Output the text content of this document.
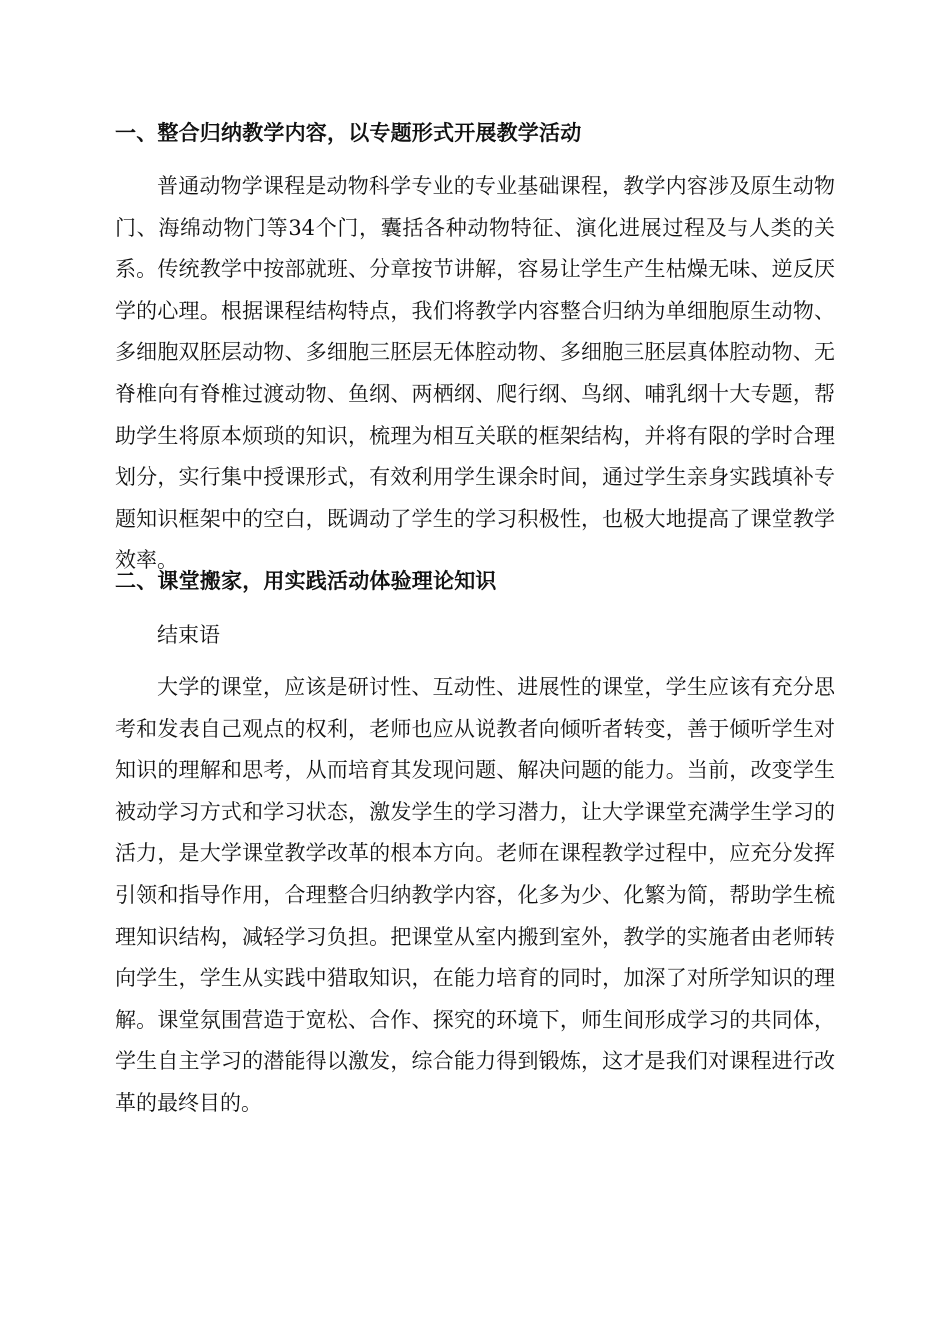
一、整合归纳教学内容，以专题形式开展教学活动

普通动物学课程是动物科学专业的专业基础课程，教学内容涉及原生动物门、海绵动物门等34个门，囊括各种动物特征、演化进展过程及与人类的关系。传统教学中按部就班、分章按节讲解，容易让学生产生枯燥无味、逆反厌学的心理。根据课程结构特点，我们将教学内容整合归纳为单细胞原生动物、多细胞双胚层动物、多细胞三胚层无体腔动物、多细胞三胚层真体腔动物、无脊椎向有脊椎过渡动物、鱼纲、两栖纲、爬行纲、鸟纲、哺乳纲十大专题，帮助学生将原本烦琐的知识，梳理为相互关联的框架结构，并将有限的学时合理划分，实行集中授课形式，有效利用学生课余时间，通过学生亲身实践填补专题知识框架中的空白，既调动了学生的学习积极性，也极大地提高了课堂教学效率。

二、课堂搬家，用实践活动体验理论知识

结束语

大学的课堂，应该是研讨性、互动性、进展性的课堂，学生应该有充分思考和发表自己观点的权利，老师也应从说教者向倾听者转变，善于倾听学生对知识的理解和思考，从而培育其发现问题、解决问题的能力。当前，改变学生被动学习方式和学习状态，激发学生的学习潜力，让大学课堂充满学生学习的活力，是大学课堂教学改革的根本方向。老师在课程教学过程中，应充分发挥引领和指导作用，合理整合归纳教学内容，化多为少、化繁为简，帮助学生梳理知识结构，减轻学习负担。把课堂从室内搬到室外，教学的实施者由老师转向学生，学生从实践中猎取知识，在能力培育的同时，加深了对所学知识的理解。课堂氛围营造于宽松、合作、探究的环境下，师生间形成学习的共同体，学生自主学习的潜能得以激发，综合能力得到锻炼，这才是我们对课程进行改革的最终目的。
